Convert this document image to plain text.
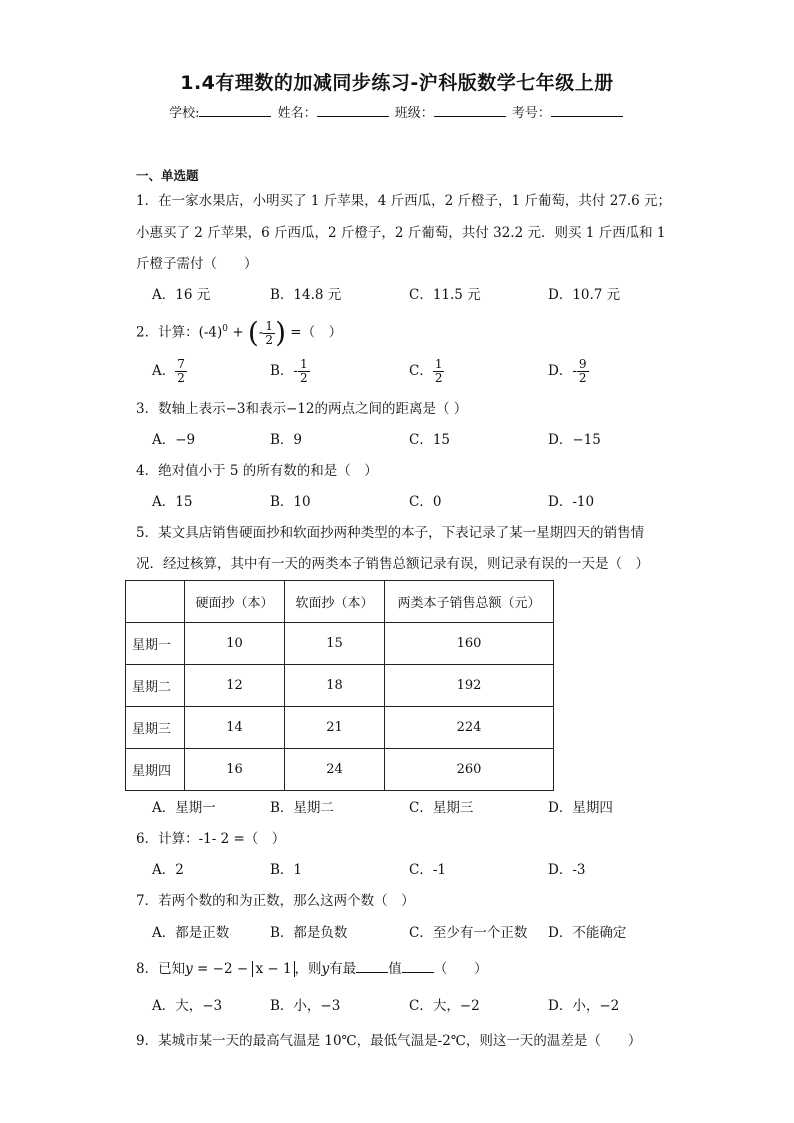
1.4有理数的加减同步练习-沪科版数学七年级上册
学校:	姓名：	班级：	考号：
一、单选题
1．在一家水果店，小明买了 1 斤苹果，4 斤西瓜，2 斤橙子，1 斤葡萄，共付 27.6 元；
小惠买了 2 斤苹果，6 斤西瓜，2 斤橙子，2 斤葡萄，共付 32.2 元．则买 1 斤西瓜和 1
斤橙子需付（　　）
A．16 元	B．14.8 元	C．11.5 元	D．10.7 元
2．计算：$(-4)^0$ + (- $\frac{1}{2}$ ) =（　）
A． $\frac{7}{2}$	B．- $\frac{1}{2}$	C． $\frac{1}{2}$	D．- $\frac{9}{2}$
3．数轴上表示−3和表示−12的两点之间的距离是（ ）
A．−9	B．9	C．15	D．−15
4．绝对值小于 5 的所有数的和是（　）
A．15	B．10	C．0	D．-10
5．某文具店销售硬面抄和软面抄两种类型的本子，下表记录了某一星期四天的销售情
况．经过核算，其中有一天的两类本子销售总额记录有误，则记录有误的一天是（　）
	硬面抄（本）	软面抄（本）	两类本子销售总额（元）
星期一	10	15	160
星期二	12	18	192
星期三	14	21	224
星期四	16	24	260
A．星期一	B．星期二	C．星期三	D．星期四
6．计算：-1- 2 =（　）
A．2	B．1	C．-1	D．-3
7．若两个数的和为正数，那么这两个数（　）
A．都是正数	B．都是负数	C．至少有一个正数 D．不能确定
8．已知y = −2 − x − 1 ，则y有最 值 （　　）
A．大，−3	B．小，−3	C．大，−2	D．小，−2
9．某城市某一天的最高气温是 10℃，最低气温是-2℃，则这一天的温差是（　　）
